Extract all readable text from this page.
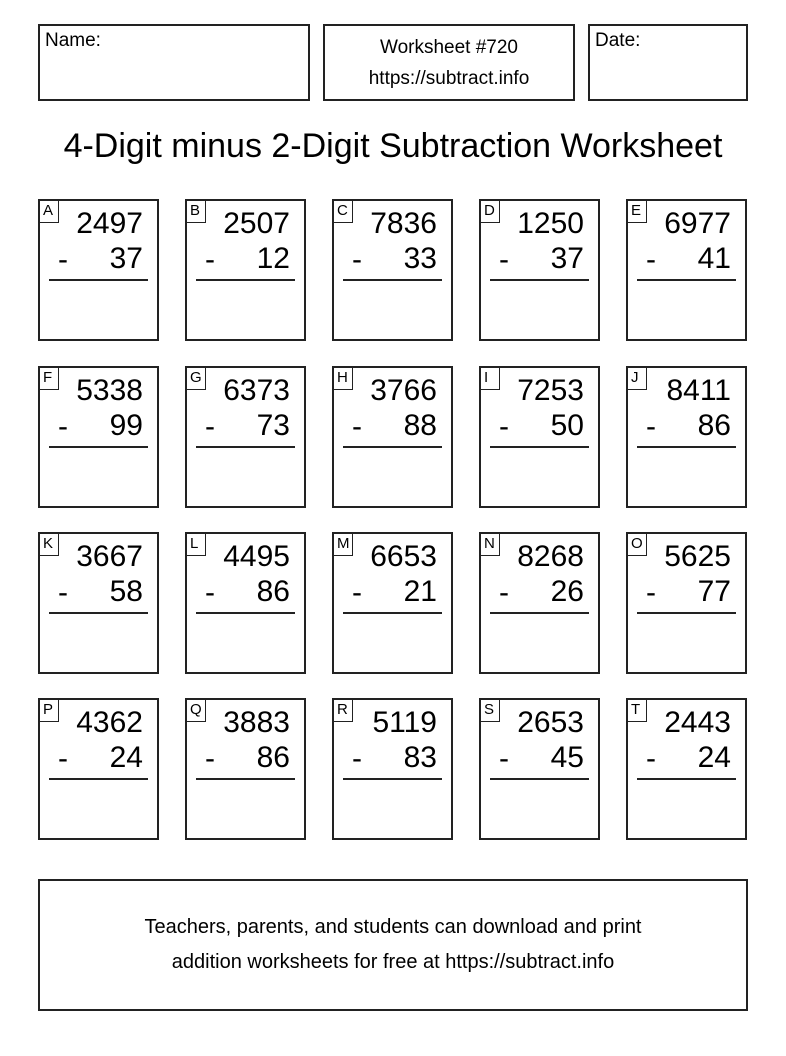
Name:	Worksheet #720
https://subtract.info
Date:
4-Digit minus 2-Digit Subtraction Worksheet
A 2497
- 37
B 2507
- 12
C 7836
- 33
D 1250
- 37
E 6977
- 41
F 5338
- 99
G 6373
- 73
H 3766
- 88
I 7253
- 50
J 8411
- 86
K 3667
- 58
L 4495
- 86
M 6653
- 21
N 8268
- 26
O 5625
- 77
P 4362
- 24
Q 3883
- 86
R 5119
- 83
S 2653
- 45
T 2443
- 24
Teachers, parents, and students can download and print
addition worksheets for free at https://subtract.info
